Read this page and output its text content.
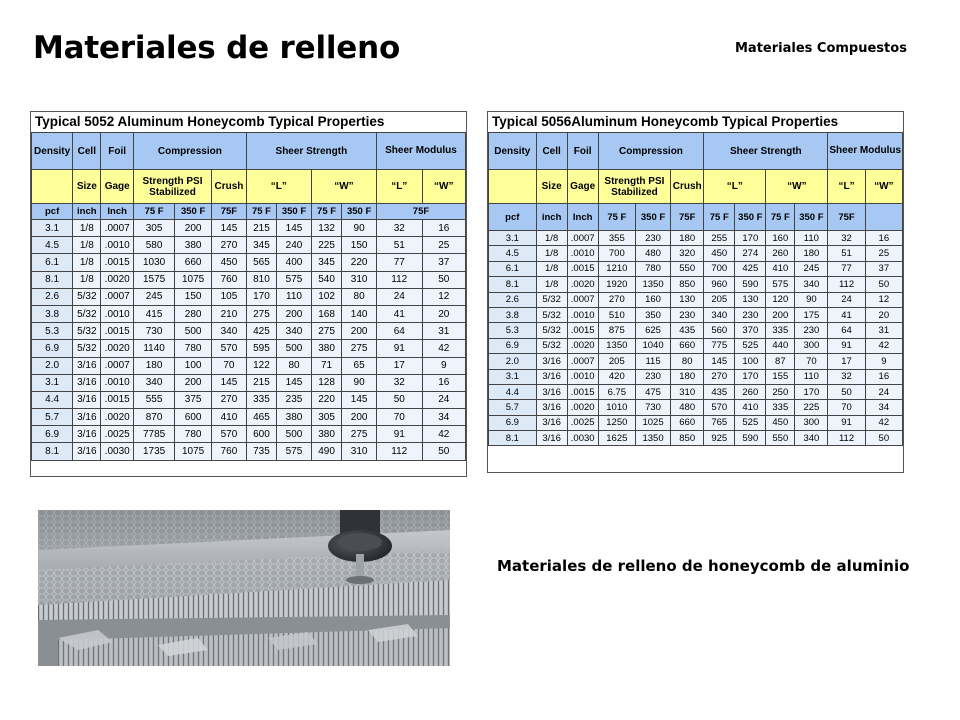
Materiales de relleno	Materiales Compuestos
Typical 5052 Aluminum Honeycomb Typical Properties
Density	Cell	Foil	Compression			Sheer Strength				Sheer Modulus	
	Size	Gage	Strength PSI Stabilized		Crush	“L”		“W”		“L”	“W”
pcf	inch	Inch	75 F	350 F	75F	75 F	350 F	75 F	350 F	75F	
3.1	1/8	.0007	305	200	145	215	145	132	90	32	16
4.5	1/8	.0010	580	380	270	345	240	225	150	51	25
6.1	1/8	.0015	1030	660	450	565	400	345	220	77	37
8.1	1/8	.0020	1575	1075	760	810	575	540	310	112	50
2.6	5/32	.0007	245	150	105	170	110	102	80	24	12
3.8	5/32	.0010	415	280	210	275	200	168	140	41	20
5.3	5/32	.0015	730	500	340	425	340	275	200	64	31
6.9	5/32	.0020	1140	780	570	595	500	380	275	91	42
2.0	3/16	.0007	180	100	70	122	80	71	65	17	9
3.1	3/16	.0010	340	200	145	215	145	128	90	32	16
4.4	3/16	.0015	555	375	270	335	235	220	145	50	24
5.7	3/16	.0020	870	600	410	465	380	305	200	70	34
6.9	3/16	.0025	7785	780	570	600	500	380	275	91	42
8.1	3/16	.0030	1735	1075	760	735	575	490	310	112	50
Typical 5056Aluminum Honeycomb Typical Properties
Density	Cell	Foil	Compression			Sheer Strength				Sheer Modulus	
	Size	Gage	Strength PSI Stabilized		Crush	“L”		“W”		“L”	“W”
pcf	inch	Inch	75 F	350 F	75F	75 F	350 F	75 F	350 F	75F	
3.1	1/8	.0007	355	230	180	255	170	160	110	32	16
4.5	1/8	.0010	700	480	320	450	274	260	180	51	25
6.1	1/8	.0015	1210	780	550	700	425	410	245	77	37
8.1	1/8	.0020	1920	1350	850	960	590	575	340	112	50
2.6	5/32	.0007	270	160	130	205	130	120	90	24	12
3.8	5/32	.0010	510	350	230	340	230	200	175	41	20
5.3	5/32	.0015	875	625	435	560	370	335	230	64	31
6.9	5/32	.0020	1350	1040	660	775	525	440	300	91	42
2.0	3/16	.0007	205	115	80	145	100	87	70	17	9
3.1	3/16	.0010	420	230	180	270	170	155	110	32	16
4.4	3/16	.0015	6.75	475	310	435	260	250	170	50	24
5.7	3/16	.0020	1010	730	480	570	410	335	225	70	34
6.9	3/16	.0025	1250	1025	660	765	525	450	300	91	42
8.1	3/16	.0030	1625	1350	850	925	590	550	340	112	50
Materiales de relleno de honeycomb de aluminio
